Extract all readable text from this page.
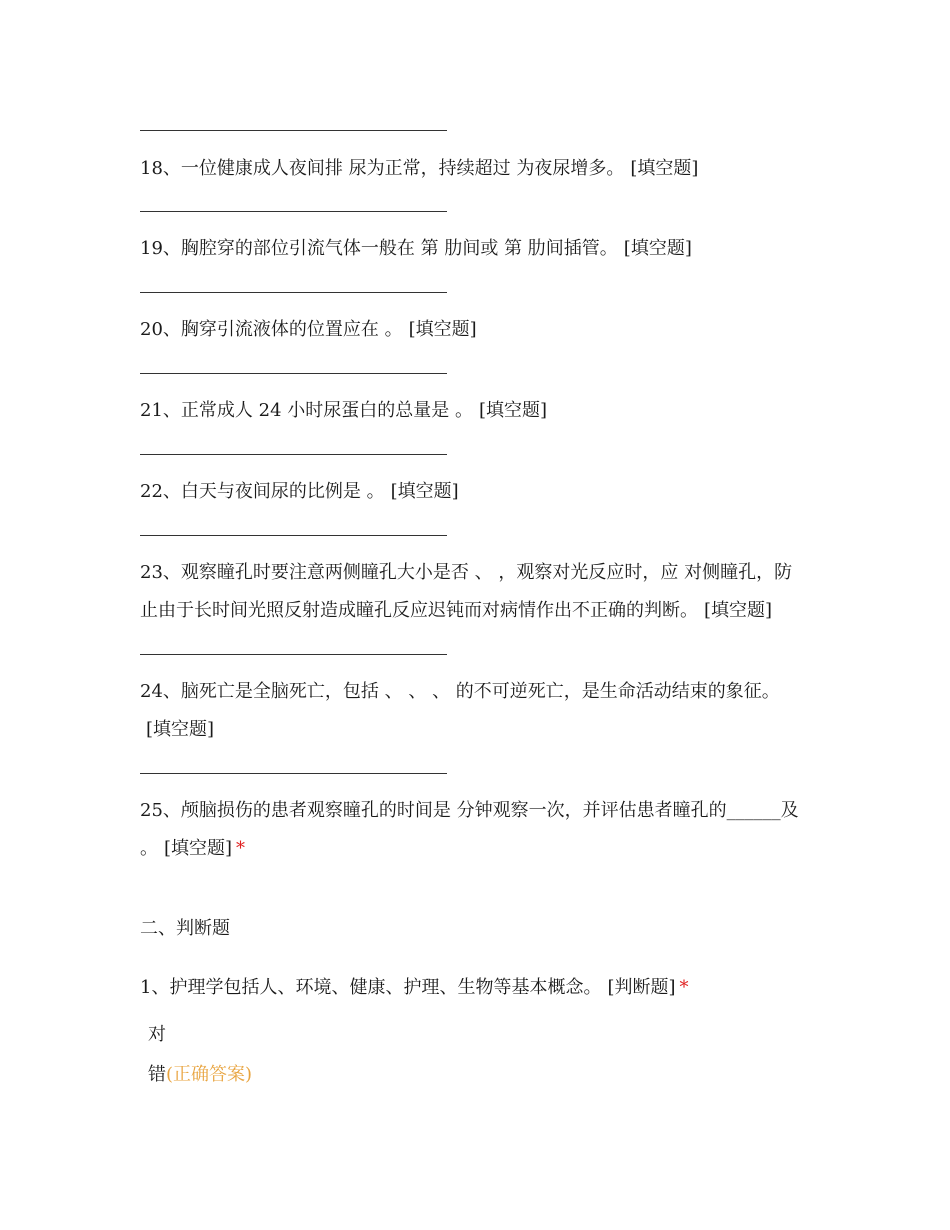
18、一位健康成人夜间排 尿为正常，持续超过 为夜尿增多。 [填空题]
19、胸腔穿的部位引流气体一般在 第 肋间或 第 肋间插管。 [填空题]
20、胸穿引流液体的位置应在 。 [填空题]
21、正常成人 24 小时尿蛋白的总量是 。 [填空题]
22、白天与夜间尿的比例是 。 [填空题]
23、观察瞳孔时要注意两侧瞳孔大小是否 、 ，观察对光反应时，应 对侧瞳孔，防止由于长时间光照反射造成瞳孔反应迟钝而对病情作出不正确的判断。 [填空题]
24、脑死亡是全脑死亡，包括 、 、 、 的不可逆死亡，是生命活动结束的象征。[填空题]
25、颅脑损伤的患者观察瞳孔的时间是 分钟观察一次，并评估患者瞳孔的______及 。 [填空题] *
二、判断题
1、护理学包括人、环境、健康、护理、生物等基本概念。 [判断题] *
对
错(正确答案)
